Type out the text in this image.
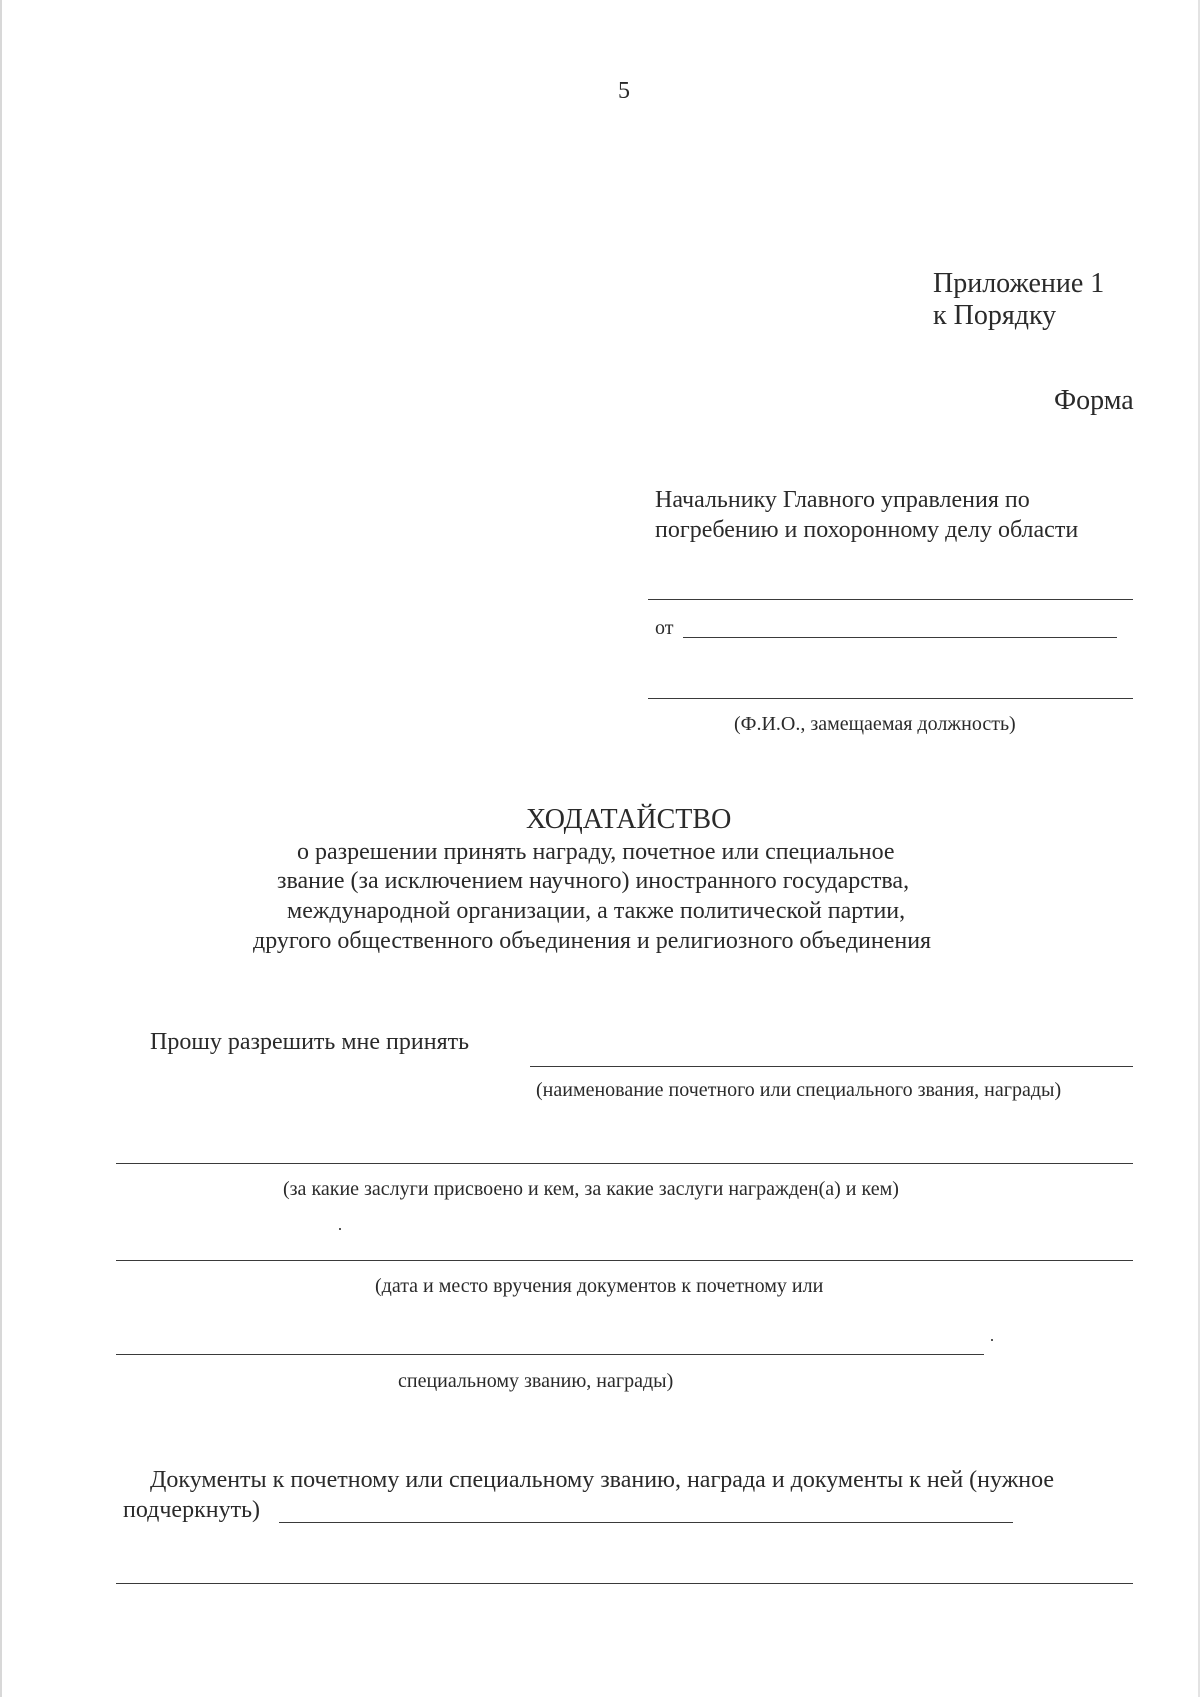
5
Приложение 1
к Порядку
Форма
Начальнику Главного управления по
погребению и похоронному делу области
от
(Ф.И.О., замещаемая должность)
ХОДАТАЙСТВО
о разрешении принять награду, почетное или специальное
звание (за исключением научного) иностранного государства,
международной организации, а также политической партии,
другого общественного объединения и религиозного объединения
Прошу разрешить мне принять
(наименование почетного или специального звания, награды)
(за какие заслуги присвоено и кем, за какие заслуги награжден(а) и кем)
(дата и место вручения документов к почетному или
специальному званию, награды)
Документы к почетному или специальному званию, награда и документы к ней (нужное
подчеркнуть)
